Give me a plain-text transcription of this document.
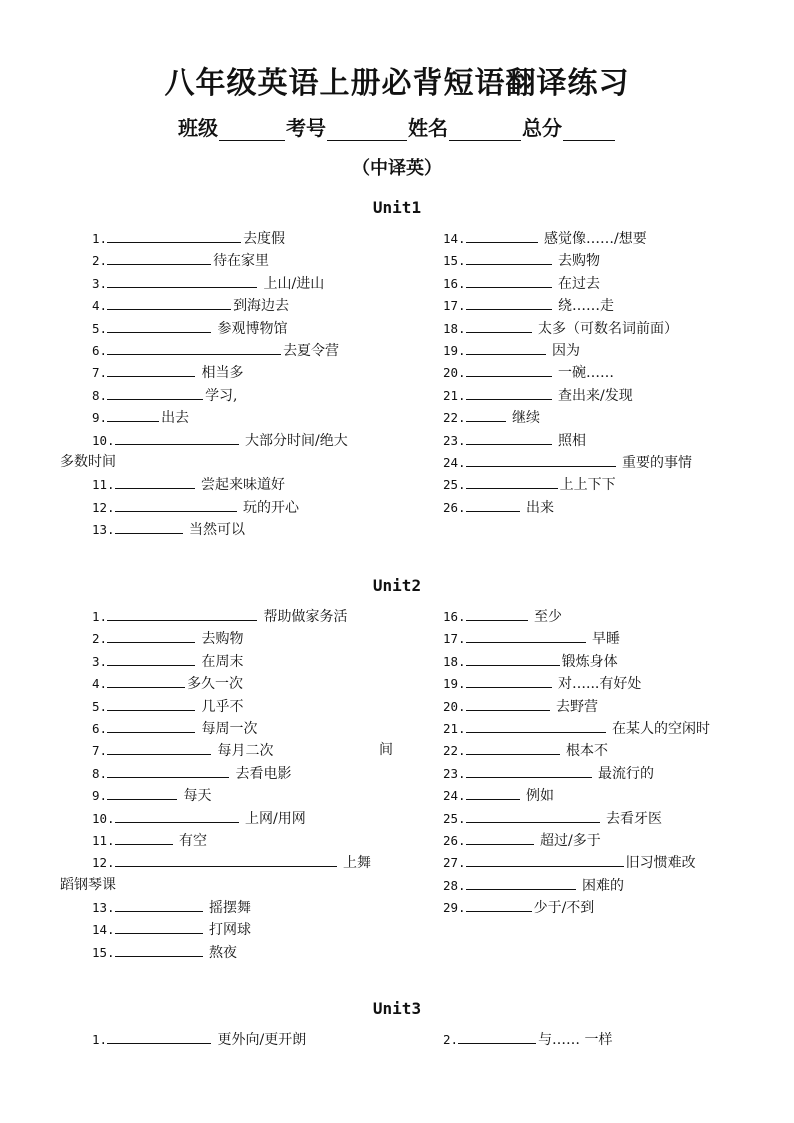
八年级英语上册必背短语翻译练习
班级	考号	姓名	总分
（中译英）
Unit1
1.	去度假
2.	待在家里
3.	上山/进山
4.	到海边去
5.	参观博物馆
6.	去夏令营
7.	相当多
8.	学习,
9.	出去
10.	大部分时间/绝大
多数时间
11.	尝起来味道好
12.	玩的开心
13.	当然可以
14.	感觉像……/想要
15.	去购物
16.	在过去
17.	绕……走
18.	太多（可数名词前面）
19.	因为
20.	一碗……
21.	查出来/发现
22.	继续
23.	照相
24.	重要的事情
25.	上上下下
26.	出来
Unit2
1.	帮助做家务活
2.	去购物
3.	在周末
4.	多久一次
5.	几乎不
6.	每周一次
7.	每月二次
8.	去看电影
9.	每天
10.	上网/用网
11.	有空
12.	上舞
蹈钢琴课
13.	摇摆舞
14.	打网球
15.	熬夜
16.	至少
17.	早睡
18.	锻炼身体
19.	对…...有好处
20.	去野营
21.	在某人的空闲时
间	22.	根本不
23.	最流行的
24.	例如
25.	去看牙医
26.	超过/多于
27.	旧习惯难改
28.	困难的
29.	少于/不到
Unit3
1.	更外向/更开朗	2.	与…… 一样
